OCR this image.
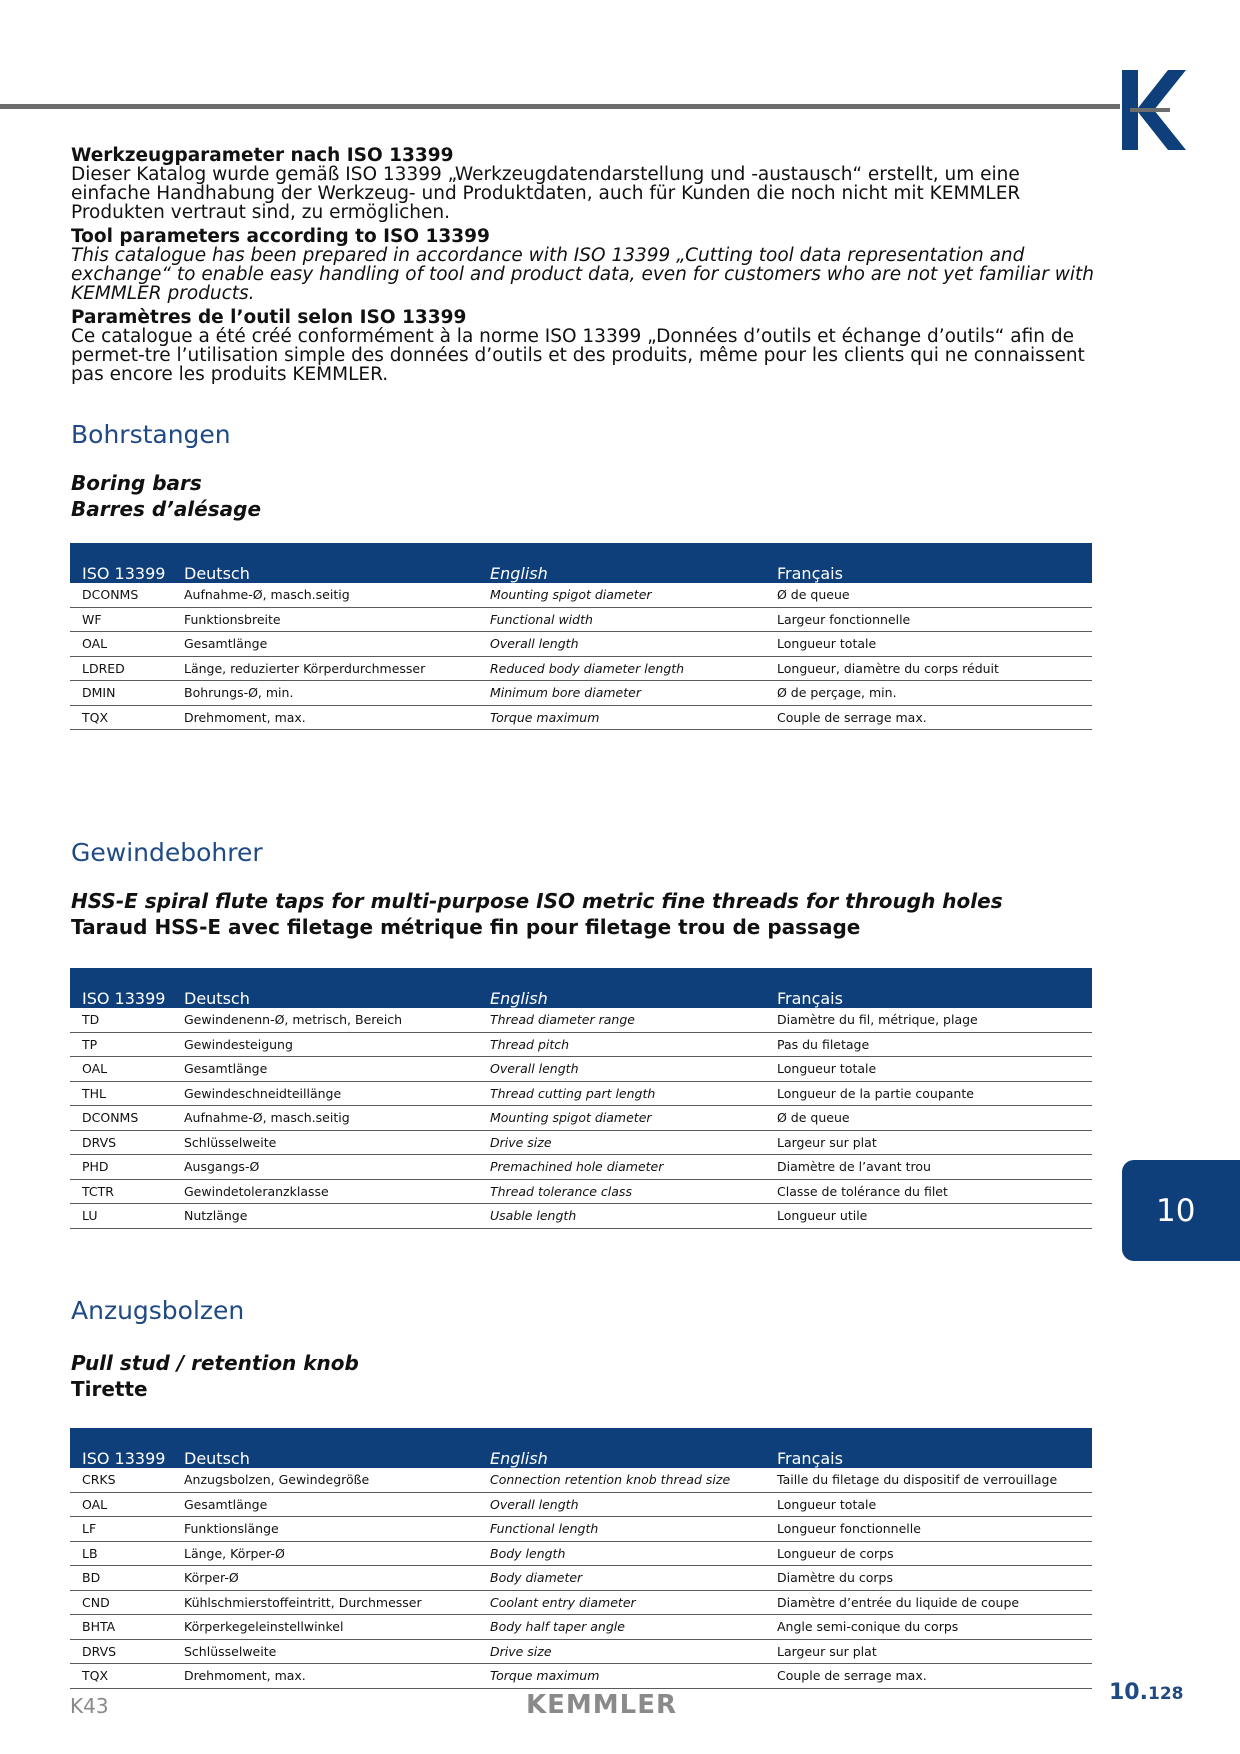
Werkzeugparameter nach ISO 13399

Dieser Katalog wurde gemäß ISO 13399 „Werkzeugdatendarstellung und -austausch“ erstellt, um eine einfache Handhabung der Werkzeug- und Produktdaten, auch für Kunden die noch nicht mit KEMMLER Produkten vertraut sind, zu ermöglichen.

Tool parameters according to ISO 13399

This catalogue has been prepared in accordance with ISO 13399 „Cutting tool data representation and exchange“ to enable easy handling of tool and product data, even for customers who are not yet familiar with KEMMLER products.

Paramètres de l’outil selon ISO 13399

Ce catalogue a été créé conformément à la norme ISO 13399 „Données d’outils et échange d’outils“ afin de permet-tre l’utilisation simple des données d’outils et des produits, même pour les clients qui ne connaissent pas encore les produits KEMMLER.

Bohrstangen
Boring bars
Barres d’alésage
ISO 13399 Deutsch	English	Français
DCONMS	Aufnahme-Ø, masch.seitig	Mounting spigot diameter	Ø de queue
WF	Funktionsbreite	Functional width	Largeur fonctionnelle
OAL	Gesamtlänge	Overall length	Longueur totale
LDRED	Länge, reduzierter Körperdurchmesser	Reduced body diameter length	Longueur, diamètre du corps réduit
DMIN	Bohrungs-Ø, min.	Minimum bore diameter	Ø de perçage, min.
TQX	Drehmoment, max.	Torque maximum	Couple de serrage max.
Gewindebohrer
HSS-E spiral flute taps for multi-purpose ISO metric fine threads for through holes
Taraud HSS-E avec filetage métrique fin pour filetage trou de passage
ISO 13399 Deutsch	English	Français
TD	Gewindenenn-Ø, metrisch, Bereich	Thread diameter range	Diamètre du fil, métrique, plage
TP	Gewindesteigung	Thread pitch	Pas du filetage
OAL	Gesamtlänge	Overall length	Longueur totale
THL	Gewindeschneidteillänge	Thread cutting part length	Longueur de la partie coupante
DCONMS	Aufnahme-Ø, masch.seitig	Mounting spigot diameter	Ø de queue
DRVS	Schlüsselweite	Drive size	Largeur sur plat
PHD	Ausgangs-Ø	Premachined hole diameter	Diamètre de l’avant trou
TCTR	Gewindetoleranzklasse	Thread tolerance class	Classe de tolérance du filet
LU	Nutzlänge	Usable length	Longueur utile
Anzugsbolzen
Pull stud / retention knob
Tirette
ISO 13399 Deutsch	English	Français
CRKS	Anzugsbolzen, Gewindegröße	Connection retention knob thread size	Taille du filetage du dispositif de verrouillage
OAL	Gesamtlänge	Overall length	Longueur totale
LF	Funktionslänge	Functional length	Longueur fonctionnelle
LB	Länge, Körper-Ø	Body length	Longueur de corps
BD	Körper-Ø	Body diameter	Diamètre du corps
CND	Kühlschmierstoffeintritt, Durchmesser	Coolant entry diameter	Diamètre d’entrée du liquide de coupe
BHTA	Körperkegeleinstellwinkel	Body half taper angle	Angle semi-conique du corps
DRVS	Schlüsselweite	Drive size	Largeur sur plat
TQX	Drehmoment, max.	Torque maximum	Couple de serrage max.
10
K43	KEMMLER	10.128
